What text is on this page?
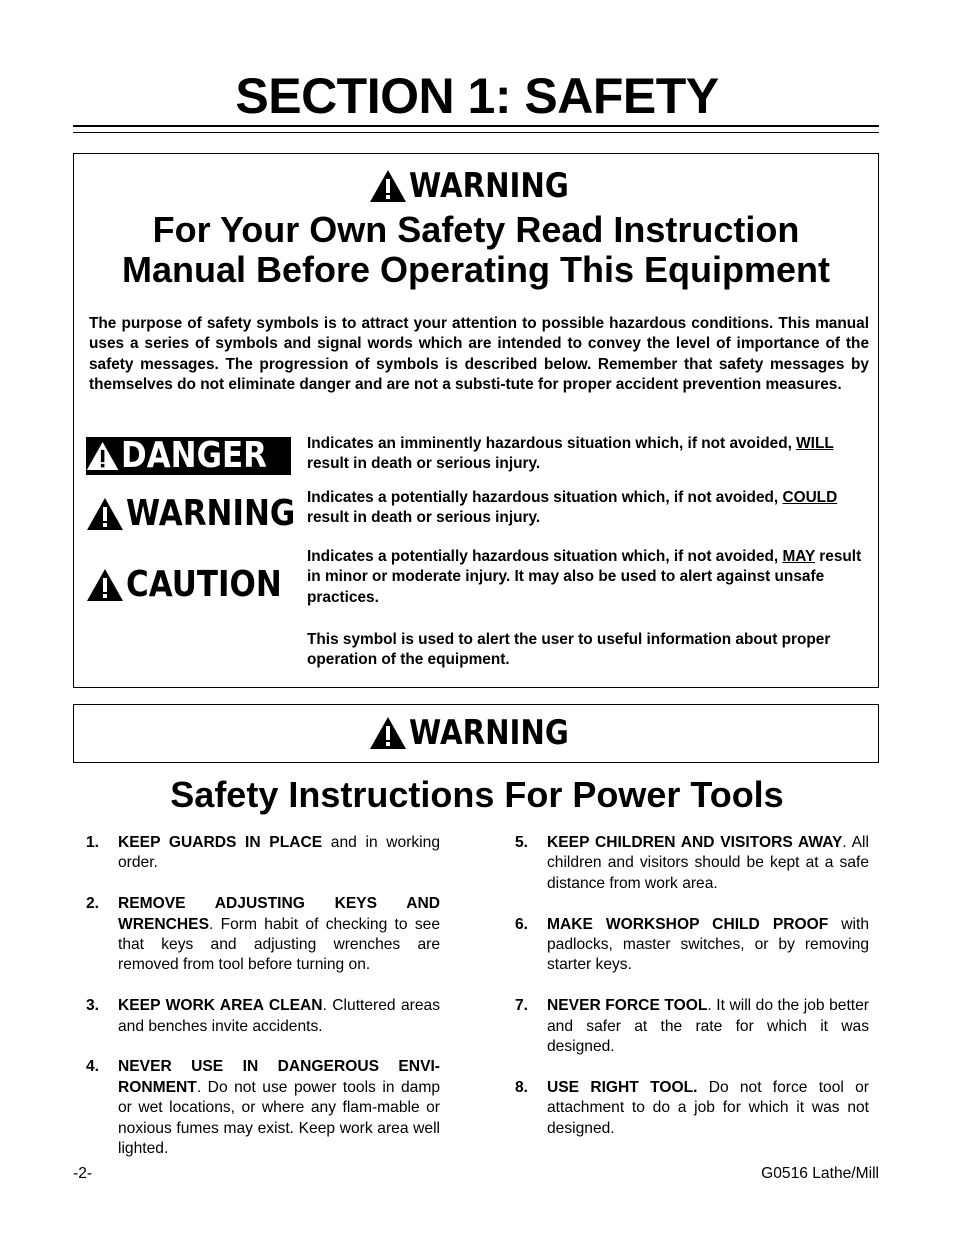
SECTION 1: SAFETY
WARNING
For Your Own Safety Read Instruction
Manual Before Operating This Equipment
The purpose of safety symbols is to attract your attention to possible hazardous conditions. This manual uses a series of symbols and signal words which are intended to convey the level of importance of the safety messages. The progression of symbols is described below. Remember that safety messages by themselves do not eliminate danger and are not a substi-tute for proper accident prevention measures.
DANGER
WARNING
CAUTION
Indicates an imminently hazardous situation which, if not avoided, WILL result in death or serious injury.
Indicates a potentially hazardous situation which, if not avoided, COULD result in death or serious injury.
Indicates a potentially hazardous situation which, if not avoided, MAY result in minor or moderate injury. It may also be used to alert against unsafe practices.
This symbol is used to alert the user to useful information about proper operation of the equipment.
WARNING
Safety Instructions For Power Tools
1. KEEP GUARDS IN PLACE and in working order.
2. REMOVE ADJUSTING KEYS AND WRENCHES. Form habit of checking to see that keys and adjusting wrenches are removed from tool before turning on.
3. KEEP WORK AREA CLEAN. Cluttered areas and benches invite accidents.
4. NEVER USE IN DANGEROUS ENVI-RONMENT. Do not use power tools in damp or wet locations, or where any flam-mable or noxious fumes may exist. Keep work area well lighted.
5. KEEP CHILDREN AND VISITORS AWAY. All children and visitors should be kept at a safe distance from work area.
6. MAKE WORKSHOP CHILD PROOF with padlocks, master switches, or by removing starter keys.
7. NEVER FORCE TOOL. It will do the job better and safer at the rate for which it was designed.
8. USE RIGHT TOOL. Do not force tool or attachment to do a job for which it was not designed.
-2-	G0516 Lathe/Mill
